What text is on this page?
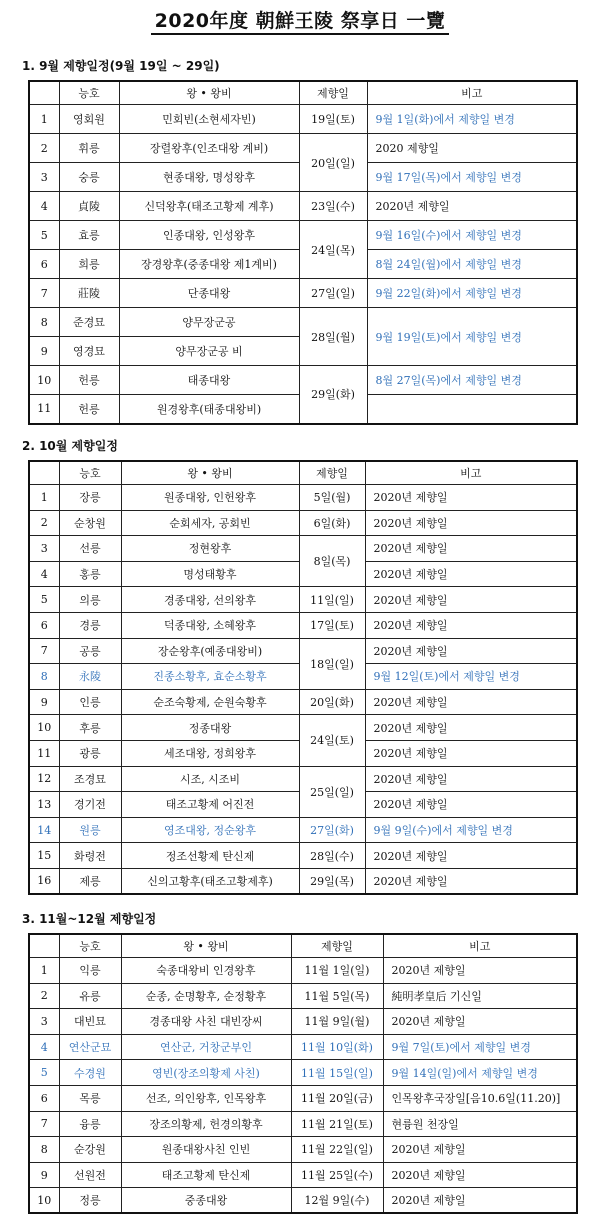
2020年度 朝鮮王陵 祭享日 一覽
1. 9월 제향일정(9월 19일 ~ 29일)
	능호	왕 • 왕비	제향일	비고
1	영회원	민회빈(소현세자빈)	19일(토)	9월 1일(화)에서 제향일 변경
2	휘릉	장렬왕후(인조대왕 계비)	20일(일)	2020 제향일
3	숭릉	현종대왕, 명성왕후		9월 17일(목)에서 제향일 변경
4	貞陵	신덕왕후(태조고황제 계후)	23일(수)	2020년 제향일
5	효릉	인종대왕, 인성왕후	24일(목)	9월 16일(수)에서 제향일 변경
6	희릉	장경왕후(중종대왕 제1계비)		8월 24일(월)에서 제향일 변경
7	莊陵	단종대왕	27일(일)	9월 22일(화)에서 제향일 변경
8	준경묘	양무장군공	28일(월)	9월 19일(토)에서 제향일 변경
9	영경묘	양무장군공 비		
10	헌릉	태종대왕	29일(화)	8월 27일(목)에서 제향일 변경
11	헌릉	원경왕후(태종대왕비)		
2. 10월 제향일정
	능호	왕 • 왕비	제향일	비고
1	장릉	원종대왕, 인헌왕후	5일(월)	2020년 제향일
2	순창원	순회세자, 공회빈	6일(화)	2020년 제향일
3	선릉	정현왕후	8일(목)	2020년 제향일
4	홍릉	명성태황후		2020년 제향일
5	의릉	경종대왕, 선의왕후	11일(일)	2020년 제향일
6	경릉	덕종대왕, 소혜왕후	17일(토)	2020년 제향일
7	공릉	장순왕후(예종대왕비)	18일(일)	2020년 제향일
8	永陵	진종소황후, 효순소황후		9월 12일(토)에서 제향일 변경
9	인릉	순조숙황제, 순원숙황후	20일(화)	2020년 제향일
10	후릉	정종대왕	24일(토)	2020년 제향일
11	광릉	세조대왕, 정희왕후		2020년 제향일
12	조경묘	시조, 시조비	25일(일)	2020년 제향일
13	경기전	태조고황제 어진전		2020년 제향일
14	원릉	영조대왕, 정순왕후	27일(화)	9월 9일(수)에서 제향일 변경
15	화령전	정조선황제 탄신제	28일(수)	2020년 제향일
16	제릉	신의고황후(태조고황제후)	29일(목)	2020년 제향일
3. 11월~12월 제향일정
	능호	왕 • 왕비	제향일	비고
1	익릉	숙종대왕비 인경왕후	11월 1일(일)	2020년 제향일
2	유릉	순종, 순명황후, 순정황후	11월 5일(목)	純明孝皇后 기신일
3	대빈묘	경종대왕 사친 대빈장씨	11월 9일(월)	2020년 제향일
4	연산군묘	연산군, 거창군부인	11월 10일(화)	9월 7일(토)에서 제향일 변경
5	수경원	영빈(장조의황제 사친)	11월 15일(일)	9월 14일(일)에서 제향일 변경
6	목릉	선조, 의인왕후, 인목왕후	11월 20일(금)	인목왕후국장일[음10.6일(11.20)]
7	융릉	장조의황제, 헌경의황후	11월 21일(토)	현륭원 천장일
8	순강원	원종대왕사친 인빈	11월 22일(일)	2020년 제향일
9	선원전	태조고황제 탄신제	11월 25일(수)	2020년 제향일
10	정릉	중종대왕	12월 9일(수)	2020년 제향일
